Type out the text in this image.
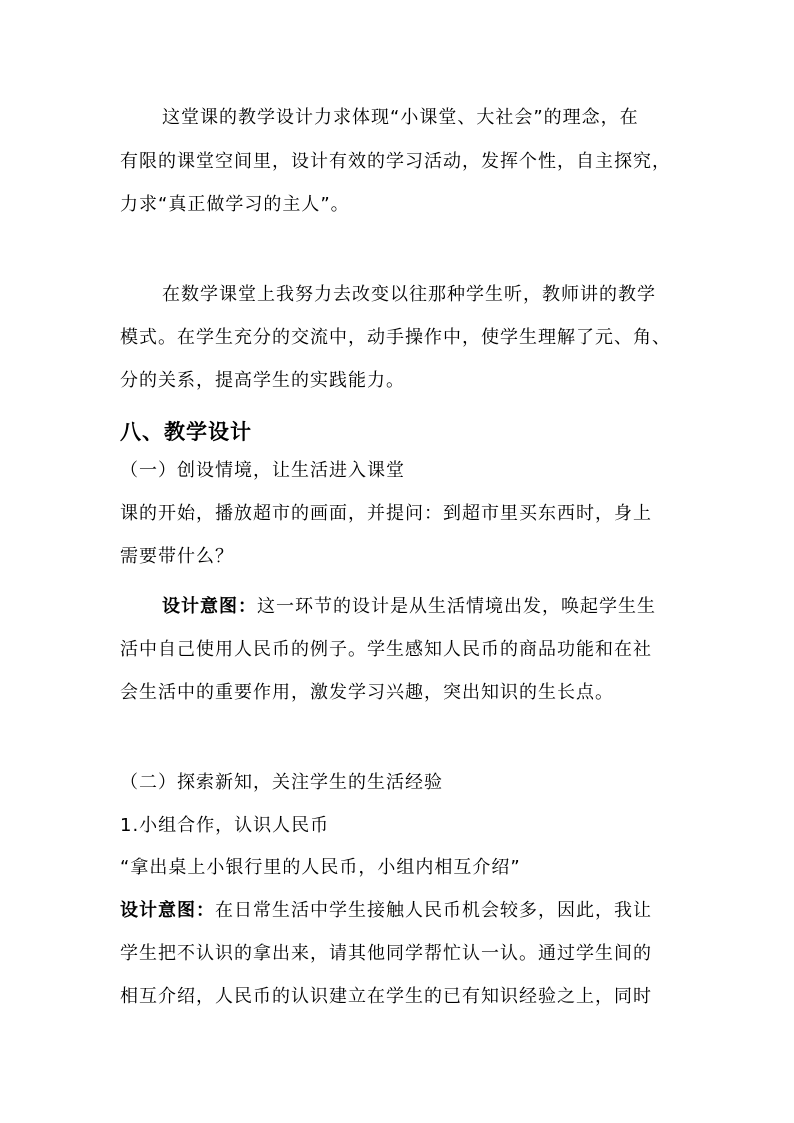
这堂课的教学设计力求体现“小课堂、大社会”的理念，在
有限的课堂空间里，设计有效的学习活动，发挥个性，自主探究，
力求“真正做学习的主人”。
在数学课堂上我努力去改变以往那种学生听，教师讲的教学
模式。在学生充分的交流中，动手操作中，使学生理解了元、角、
分的关系，提高学生的实践能力。
八、教学设计
（一）创设情境，让生活进入课堂
课的开始，播放超市的画面，并提问：到超市里买东西时，身上
需要带什么？
设计意图：这一环节的设计是从生活情境出发，唤起学生生
活中自己使用人民币的例子。学生感知人民币的商品功能和在社
会生活中的重要作用，激发学习兴趣，突出知识的生长点。
（二）探索新知，关注学生的生活经验
1.小组合作，认识人民币
“拿出桌上小银行里的人民币，小组内相互介绍”
设计意图：在日常生活中学生接触人民币机会较多，因此，我让
学生把不认识的拿出来，请其他同学帮忙认一认。通过学生间的
相互介绍，人民币的认识建立在学生的已有知识经验之上，同时
